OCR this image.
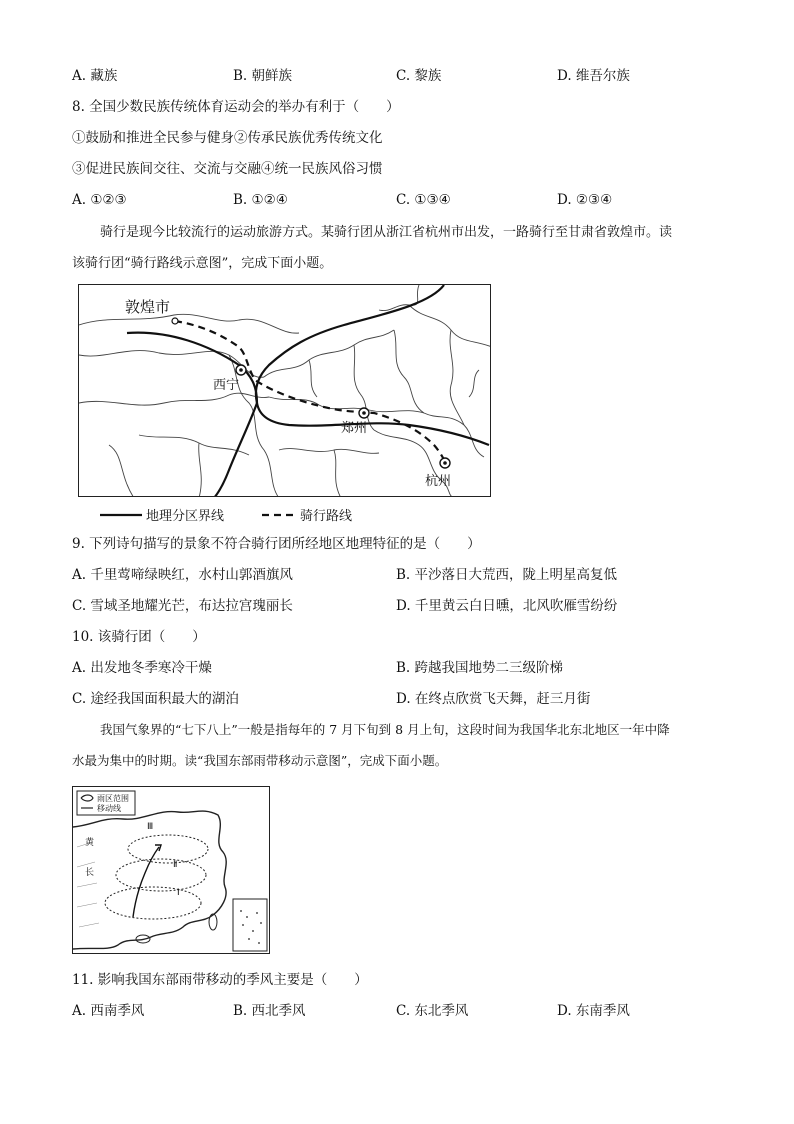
A. 藏族	B. 朝鲜族	C. 黎族	D. 维吾尔族
8. 全国少数民族传统体育运动会的举办有利于（　　）
①鼓励和推进全民参与健身②传承民族优秀传统文化
③促进民族间交往、交流与交融④统一民族风俗习惯
A. ①②③	B. ①②④	C. ①③④	D. ②③④
骑行是现今比较流行的运动旅游方式。某骑行团从浙江省杭州市出发，一路骑行至甘肃省敦煌市。读
该骑行团“骑行路线示意图”，完成下面小题。
敦煌市
西宁
郑州
杭州
地理分区界线	骑行路线
9. 下列诗句描写的景象不符合骑行团所经地区地理特征的是（　　）
A. 千里莺啼绿映红，水村山郭酒旗风	B. 平沙落日大荒西，陇上明星高复低
C. 雪域圣地耀光芒，布达拉宫瑰丽长	D. 千里黄云白日曛，北风吹雁雪纷纷
10. 该骑行团（　　）
A. 出发地冬季寒冷干燥	B. 跨越我国地势二三级阶梯
C. 途经我国面积最大的湖泊	D. 在终点欣赏飞天舞，赶三月街
我国气象界的“七下八上”一般是指每年的 7 月下旬到 8 月上旬，这段时间为我国华北东北地区一年中降
水最为集中的时期。读“我国东部雨带移动示意图”，完成下面小题。
雨区范围
移动线
Ⅲ
Ⅱ
Ⅰ
长
黄
11. 影响我国东部雨带移动的季风主要是（　　）
A. 西南季风	B. 西北季风	C. 东北季风	D. 东南季风
